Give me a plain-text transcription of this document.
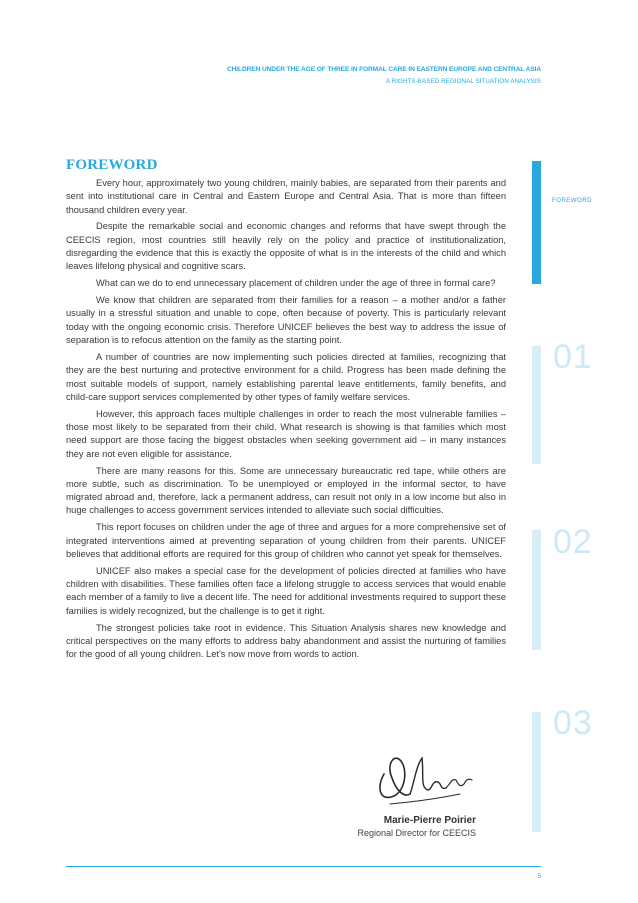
CHILDREN UNDER THE AGE OF THREE IN FORMAL CARE IN EASTERN EUROPE AND CENTRAL ASIA
A RIGHTS-BASED REGIONAL SITUATION ANALYSIS
FOREWORD

Every hour, approximately two young children, mainly babies, are separated from their parents and sent into institutional care in Central and Eastern Europe and Central Asia. That is more than fifteen thousand children every year.

Despite the remarkable social and economic changes and reforms that have swept through the CEECIS region, most countries still heavily rely on the policy and practice of institutionalization, disregarding the evidence that this is exactly the opposite of what is in the interests of the child and which leaves lifelong physical and cognitive scars.

What can we do to end unnecessary placement of children under the age of three in formal care?

We know that children are separated from their families for a reason – a mother and/or a father usually in a stressful situation and unable to cope, often because of poverty. This is particularly relevant today with the ongoing economic crisis. Therefore UNICEF believes the best way to address the issue of separation is to refocus attention on the family as the starting point.

A number of countries are now implementing such policies directed at families, recognizing that they are the best nurturing and protective environment for a child. Progress has been made defining the most suitable models of support, namely establishing parental leave entitlements, family benefits, and child-care support services complemented by other types of family welfare services.

However, this approach faces multiple challenges in order to reach the most vulnerable families – those most likely to be separated from their child. What research is showing is that families which most need support are those facing the biggest obstacles when seeking government aid – in many instances they are not even eligible for assistance.

There are many reasons for this. Some are unnecessary bureaucratic red tape, while others are more subtle, such as discrimination. To be unemployed or employed in the informal sector, to have migrated abroad and, therefore, lack a permanent address, can result not only in a low income but also in huge challenges to access government services intended to alleviate such social difficulties.

This report focuses on children under the age of three and argues for a more comprehensive set of integrated interventions aimed at preventing separation of young children from their parents. UNICEF believes that additional efforts are required for this group of children who cannot yet speak for themselves.

UNICEF also makes a special case for the development of policies directed at families who have children with disabilities. These families often face a lifelong struggle to access services that would enable each member of a family to live a decent life. The need for additional investments required to support these families is widely recognized, but the challenge is to get it right.

The strongest policies take root in evidence. This Situation Analysis shares new knowledge and critical perspectives on the many efforts to address baby abandonment and assist the nurturing of families for the good of all young children. Let's now move from words to action.

Marie-Pierre Poirier
Regional Director for CEECIS
FOREWORD
01
02
03
5
